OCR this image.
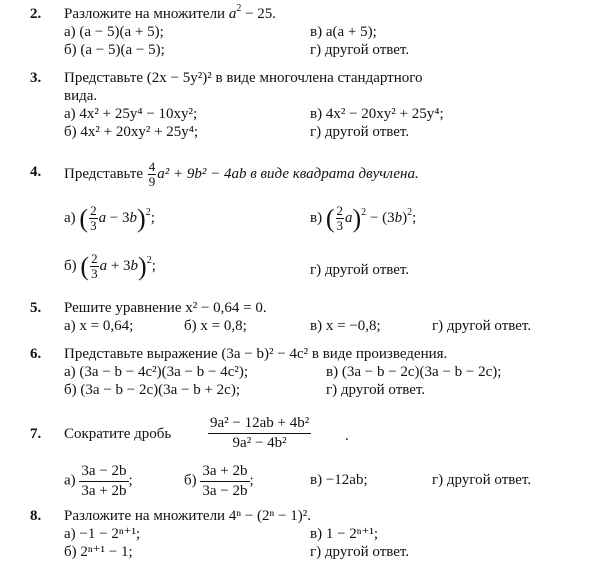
2. Разложите на множители $a^2 - 25$.
а) (a − 5)(a + 5);	в) a(a + 5);
б) (a − 5)(a − 5);	г) другой ответ.
3. Представьте (2x − 5y²)² в виде многочлена стандартного
вида.
а) 4x² + 25y⁴ − 10xy²;	в) 4x² − 20xy² + 25y⁴;
б) 4x² + 20xy² + 25y⁴;	г) другой ответ.
4. Представьте $\frac{4}{9} a^2 + 9b^2 - 4ab$ в виде квадрата двучлена.
а) ( $\frac{2}{3}$ a − 3b)$^2$;	в) ( $\frac{2}{3} a)^2 - (3b)^2$;
б) ( $\frac{2}{3}$ a + 3b)$^2$;	г) другой ответ.
5. Решите уравнение x² − 0,64 = 0.
а) x = 0,64;	б) x = 0,8;	в) x = −0,8;	г) другой ответ.
6. Представьте выражение (3a − b)² − 4c² в виде произведения.
а) (3a − b − 4c²)(3a − b − 4c²);	в) (3a − b − 2c)(3a − b − 2c);
б) (3a − b − 2c)(3a − b + 2c);	г) другой ответ.
7. Сократите дробь
9a² − 12ab + 4b²
9a² − 4b²	.
$а) \frac{3a - 2b}{3a + 2b}$ ;	$б) \frac{3a + 2b}{3a - 2b}$ ;	в) −12ab;	г) другой ответ.
8. Разложите на множители 4ⁿ − (2ⁿ − 1)².
а) −1 − 2ⁿ⁺¹;	в) 1 − 2ⁿ⁺¹;
б) 2ⁿ⁺¹ − 1;	г) другой ответ.
